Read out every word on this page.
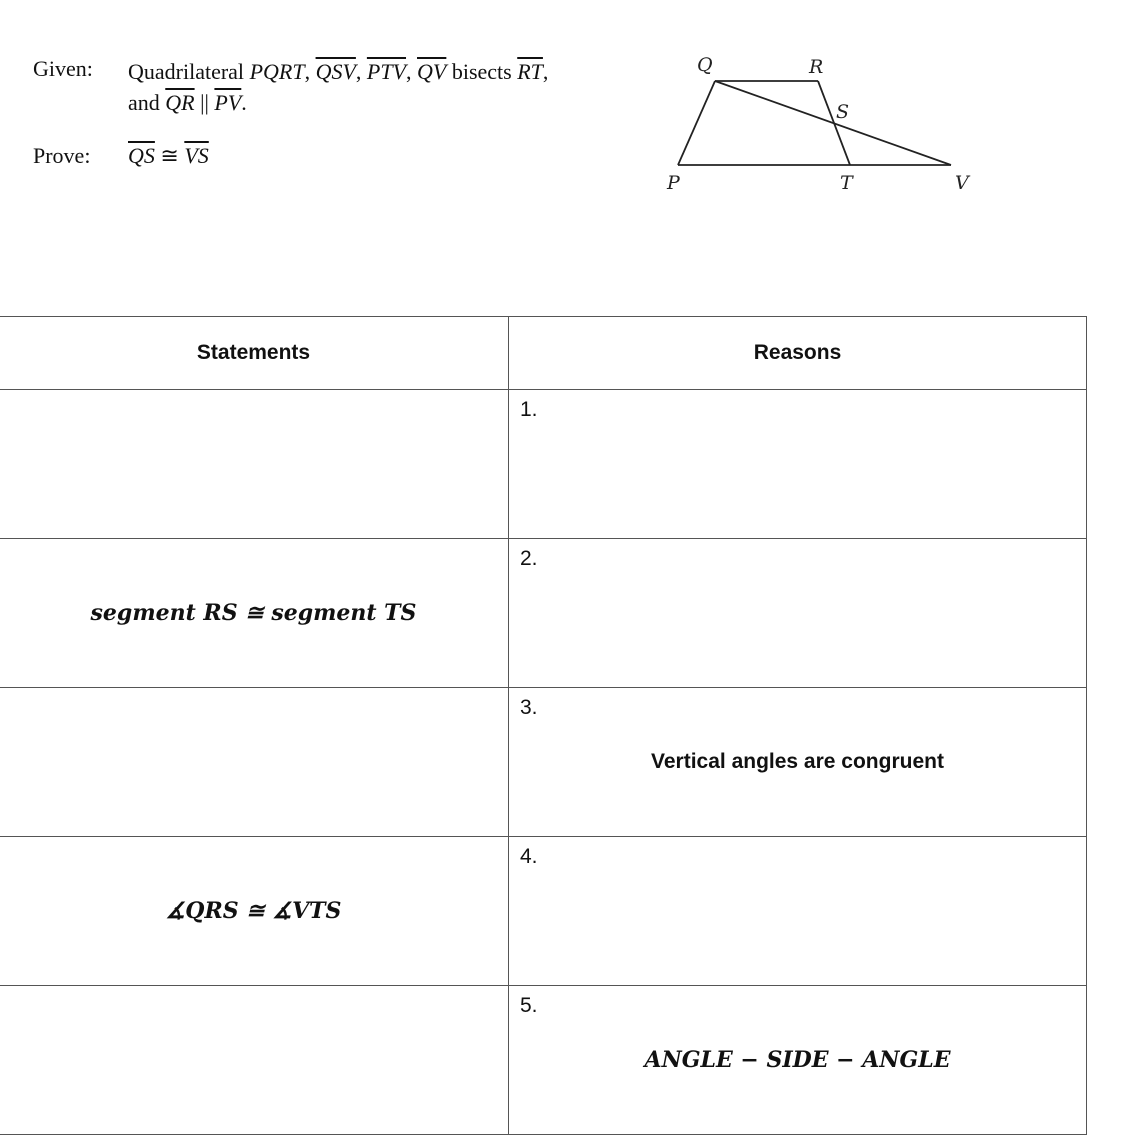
Given: Quadrilateral PQRT, $\overline{QSV}$, $\overline{PTV}$, $\overline{QV}$ bisects $\overline{RT}$,
and $\overline{QR}$ || $\overline{PV}$.
Prove: $\overline{QS}$ ≅ $\overline{VS}$
Q	R
S
P	T	V
Statements	Reasons

	1.

segment RS ≅ segment TS	2.

	3.
Vertical angles are congruent

∡QRS ≅ ∡VTS	4.

	5.
ANGLE − SIDE − ANGLE
